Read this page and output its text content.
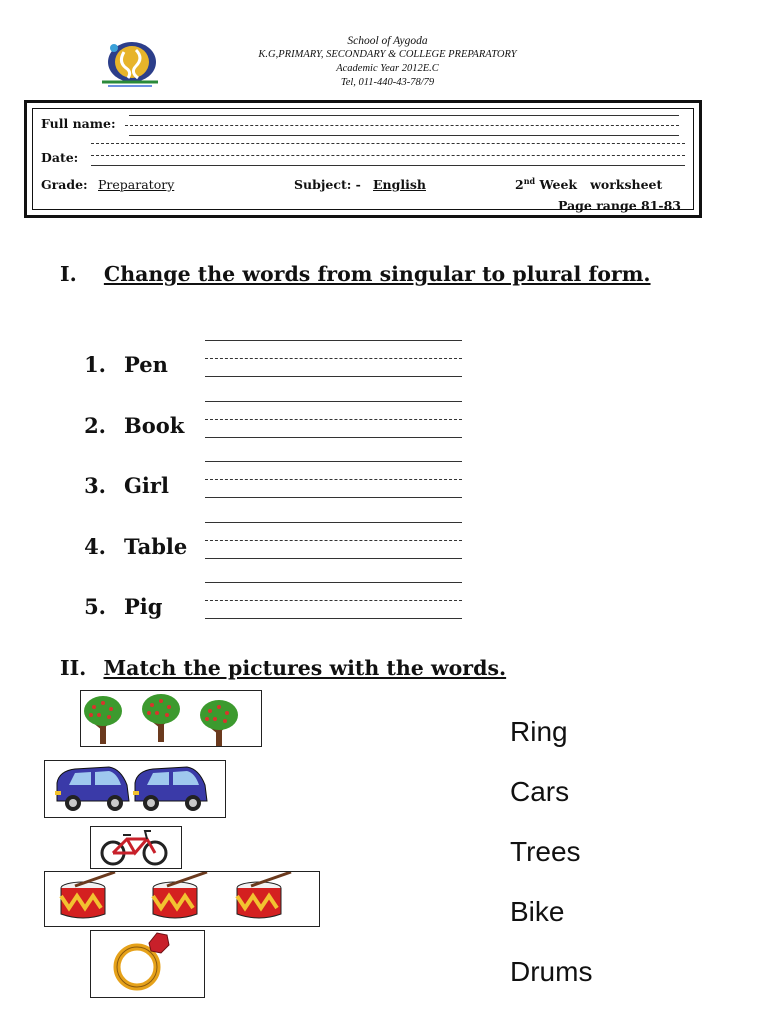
School of Aygoda
K.G,PRIMARY, SECONDARY & COLLEGE PREPARATORY
Academic Year 2012E.C
Tel, 011-440-43-78/79
Full name:
Date:
Grade: Preparatory	Subject: - English	2nd Week   worksheet
Page range 81-83
I. Change the words from singular to plural form.
1. Pen
2. Book
3. Girl
4. Table
5. Pig
II. Match the pictures with the words.
Ring
Cars
Trees
Bike
Drums
